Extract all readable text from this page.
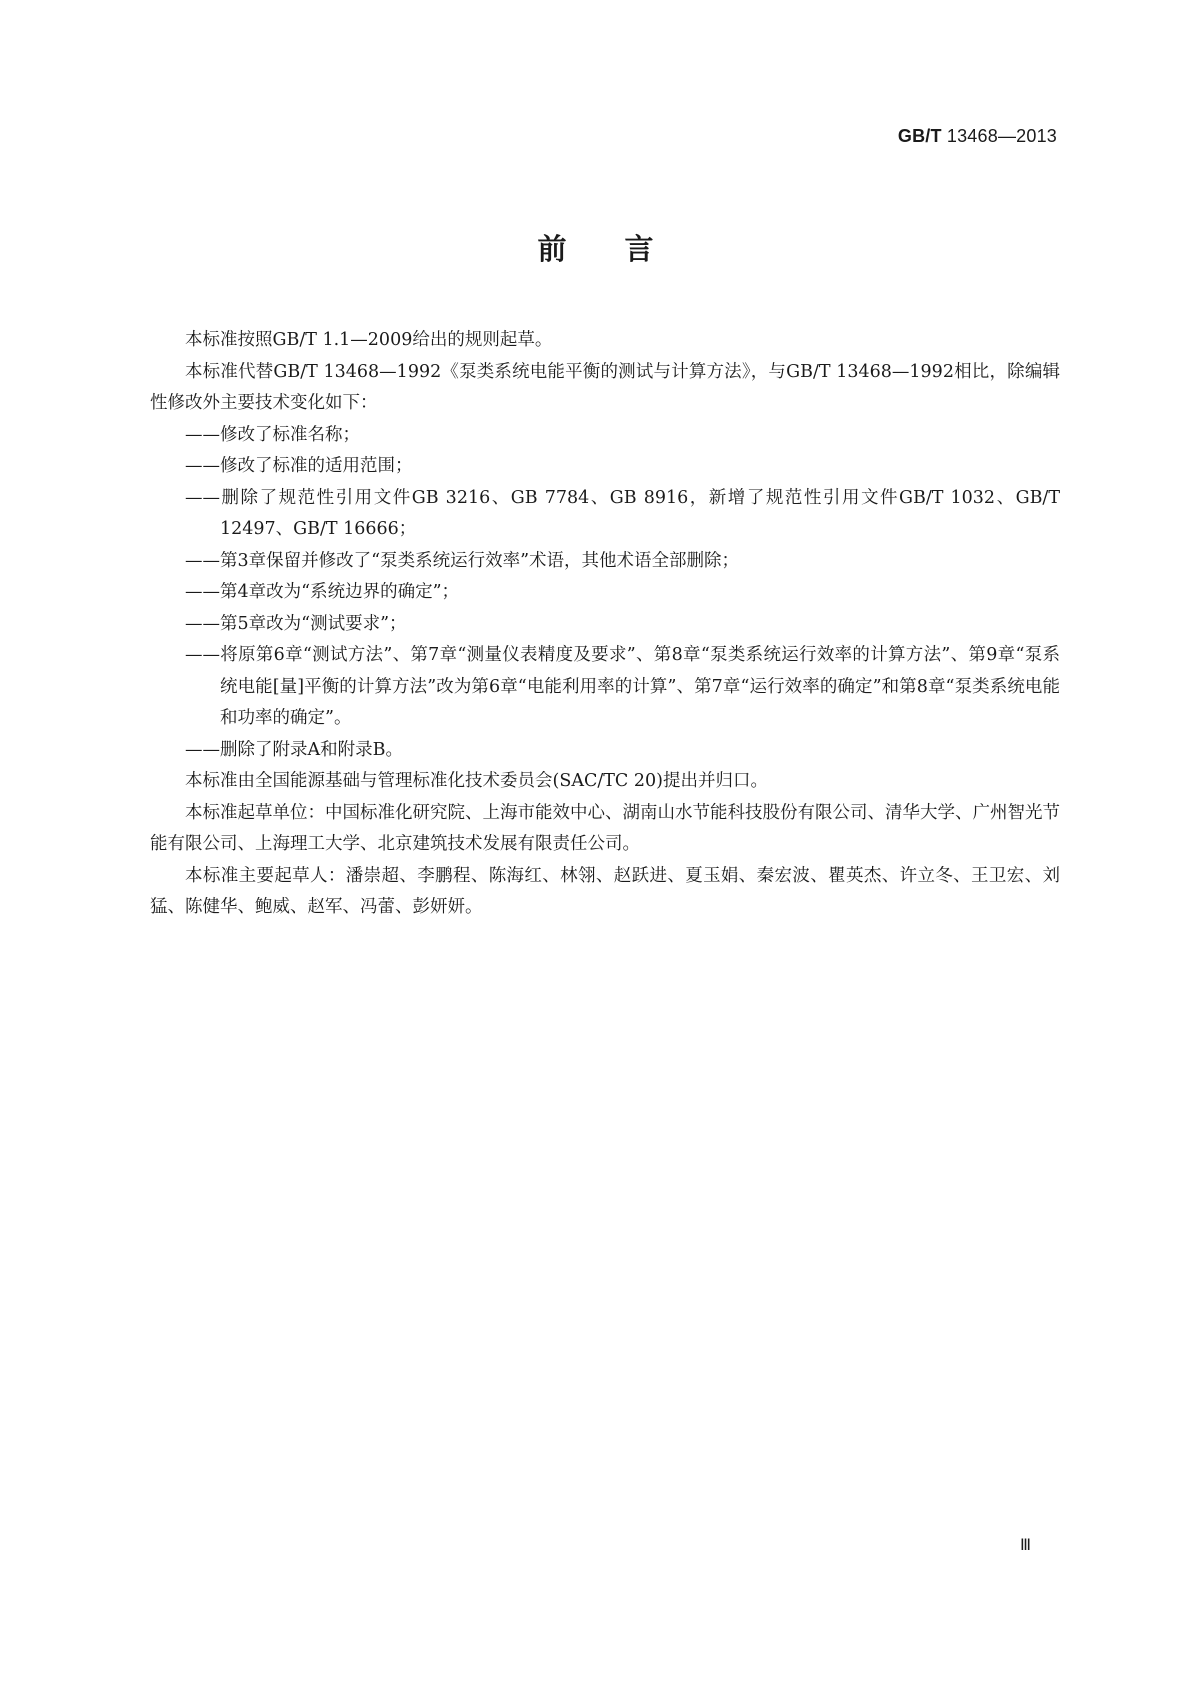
GB/T 13468—2013
前 言

本标准按照GB/T 1.1—2009给出的规则起草。

本标准代替GB/T 13468—1992《泵类系统电能平衡的测试与计算方法》，与GB/T 13468—1992相比，除编辑性修改外主要技术变化如下：

——修改了标准名称；

——修改了标准的适用范围；

——删除了规范性引用文件GB 3216、GB 7784、GB 8916，新增了规范性引用文件GB/T 1032、GB/T 12497、GB/T 16666；

——第3章保留并修改了“泵类系统运行效率”术语，其他术语全部删除；

——第4章改为“系统边界的确定”；

——第5章改为“测试要求”；

——将原第6章“测试方法”、第7章“测量仪表精度及要求”、第8章“泵类系统运行效率的计算方法”、第9章“泵系统电能[量]平衡的计算方法”改为第6章“电能利用率的计算”、第7章“运行效率的确定”和第8章“泵类系统电能和功率的确定”。

——删除了附录A和附录B。

本标准由全国能源基础与管理标准化技术委员会(SAC/TC 20)提出并归口。

本标准起草单位：中国标准化研究院、上海市能效中心、湖南山水节能科技股份有限公司、清华大学、广州智光节能有限公司、上海理工大学、北京建筑技术发展有限责任公司。

本标准主要起草人：潘崇超、李鹏程、陈海红、林翎、赵跃进、夏玉娟、秦宏波、瞿英杰、许立冬、王卫宏、刘猛、陈健华、鲍威、赵军、冯蕾、彭妍妍。

Ⅲ
